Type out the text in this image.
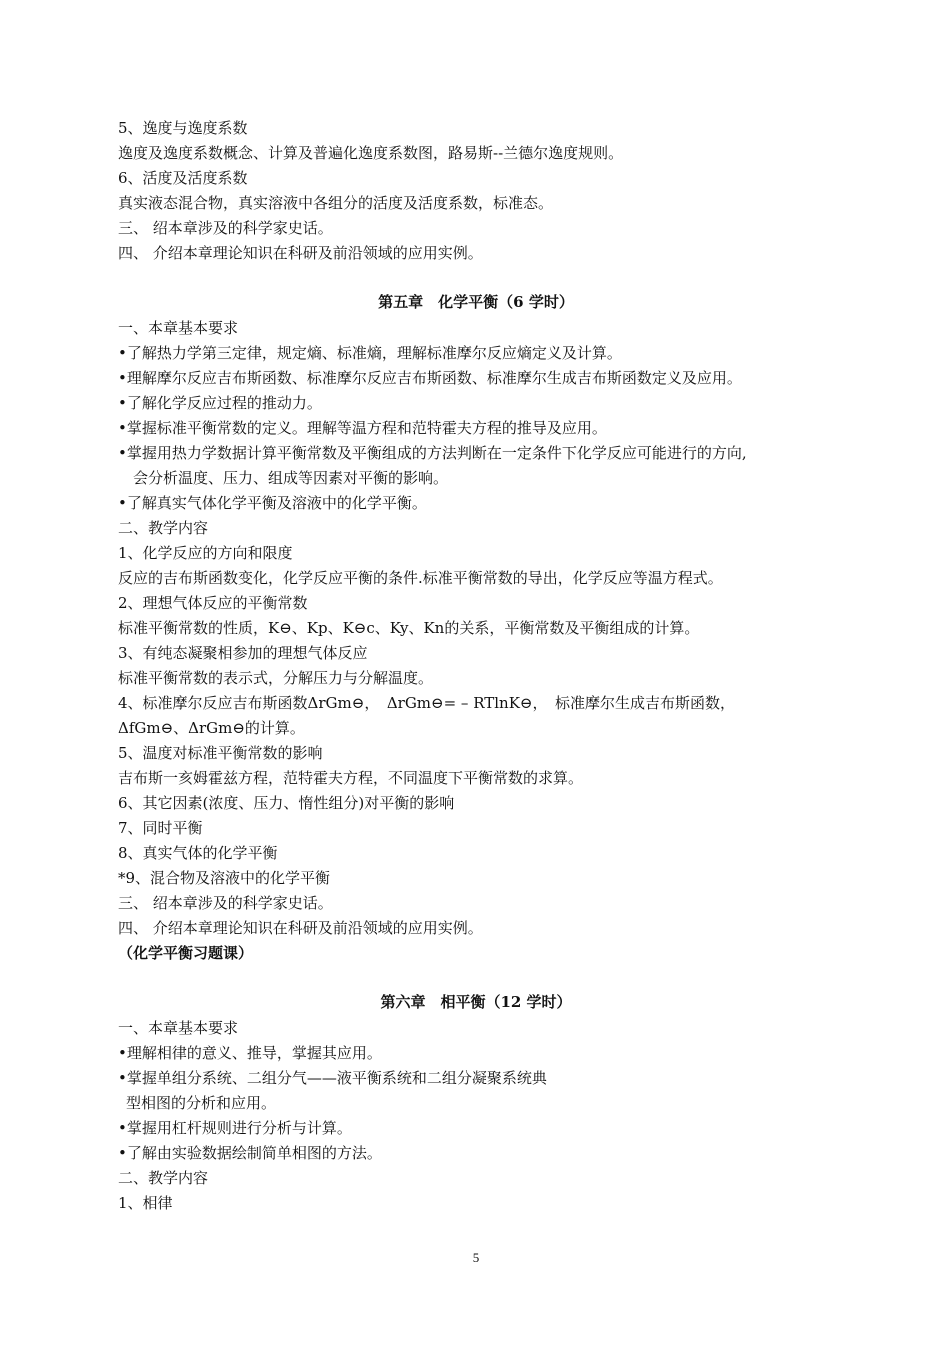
5、逸度与逸度系数
逸度及逸度系数概念、计算及普遍化逸度系数图，路易斯--兰德尔逸度规则。
6、活度及活度系数
真实液态混合物，真实溶液中各组分的活度及活度系数，标准态。
三、 绍本章涉及的科学家史话。
四、 介绍本章理论知识在科研及前沿领域的应用实例。
第五章　化学平衡（6 学时）
一、本章基本要求
•了解热力学第三定律，规定熵、标准熵，理解标准摩尔反应熵定义及计算。
•理解摩尔反应吉布斯函数、标准摩尔反应吉布斯函数、标准摩尔生成吉布斯函数定义及应用。
•了解化学反应过程的推动力。
•掌握标准平衡常数的定义。理解等温方程和范特霍夫方程的推导及应用。
•掌握用热力学数据计算平衡常数及平衡组成的方法判断在一定条件下化学反应可能进行的方向,
会分析温度、压力、组成等因素对平衡的影响。
•了解真实气体化学平衡及溶液中的化学平衡。
二、教学内容
1、化学反应的方向和限度
反应的吉布斯函数变化，化学反应平衡的条件.标准平衡常数的导出，化学反应等温方程式。
2、理想气体反应的平衡常数
标准平衡常数的性质，K⊖、Kp、K⊖c、Ky、Kn的关系，平衡常数及平衡组成的计算。
3、有纯态凝聚相参加的理想气体反应
标准平衡常数的表示式，分解压力与分解温度。
4、标准摩尔反应吉布斯函数ΔrGm⊖，　ΔrGm⊖= – RTlnK⊖，　标准摩尔生成吉布斯函数，
ΔfGm⊖、ΔrGm⊖的计算。
5、温度对标准平衡常数的影响
吉布斯一亥姆霍兹方程，范特霍夫方程，不同温度下平衡常数的求算。
6、其它因素(浓度、压力、惰性组分)对平衡的影响
7、同时平衡
8、真实气体的化学平衡
*9、混合物及溶液中的化学平衡
三、 绍本章涉及的科学家史话。
四、 介绍本章理论知识在科研及前沿领域的应用实例。
（化学平衡习题课）
第六章　相平衡（12 学时）
一、本章基本要求
•理解相律的意义、推导，掌握其应用。
•掌握单组分系统、二组分气——液平衡系统和二组分凝聚系统典
型相图的分析和应用。
•掌握用杠杆规则进行分析与计算。
•了解由实验数据绘制简单相图的方法。
二、教学内容
1、相律
5
